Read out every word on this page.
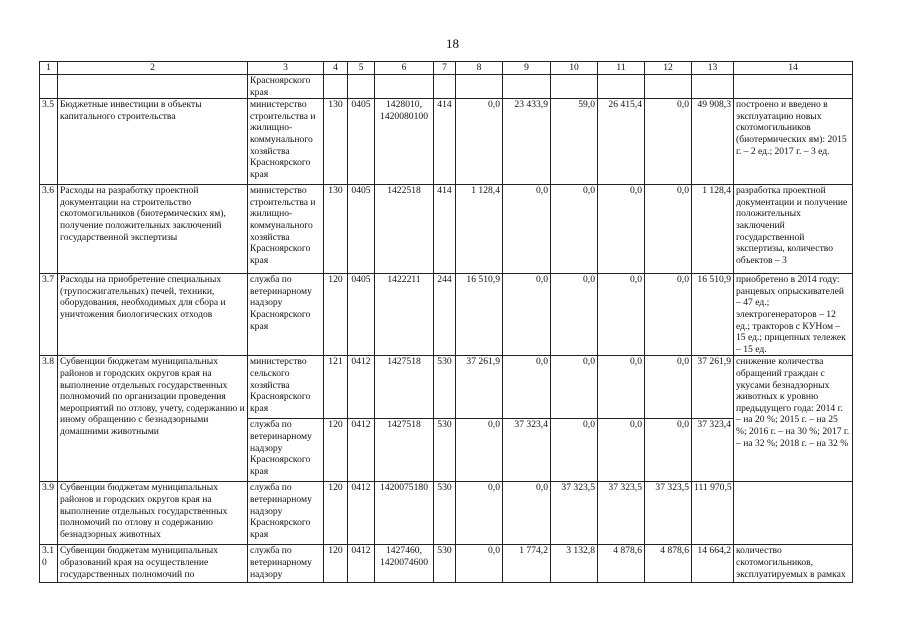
18
1	2	3	4	5	6	7	8	9	10	11	12	13	14
		Красноярского края											
3.5	Бюджетные инвестиции в объекты капитального строительства	министерство строительства и жилищно-коммунального хозяйства Красноярского края	130	0405	1428010, 1420080100	414	0,0	23 433,9	59,0	26 415,4	0,0	49 908,3	построено и введено в эксплуатацию новых скотомогильников (биотермических ям): 2015 г. – 2 ед.; 2017 г. – 3 ед.
3.6	Расходы на разработку проектной документации на строительство скотомогильников (биотермических ям), получение положительных заключений государственной экспертизы	министерство строительства и жилищно-коммунального хозяйства Красноярского края	130	0405	1422518	414	1 128,4	0,0	0,0	0,0	0,0	1 128,4	разработка проектной документации и получение положительных заключений государственной экспертизы, количество объектов – 3
3.7	Расходы на приобретение специальных (трупосжигательных) печей, техники, оборудования, необходимых для сбора и уничтожения биологических отходов	служба по ветеринарному надзору Красноярского края	120	0405	1422211	244	16 510,9	0,0	0,0	0,0	0,0	16 510,9	приобретено в 2014 году: ранцевых опрыскивателей – 47 ед.; электрогенераторов – 12 ед.; тракторов с КУНом – 15 ед.; прицепных тележек – 15 ед.
3.8	Субвенции бюджетам муниципальных районов и городских округов края на выполнение отдельных государственных полномочий по организации проведения мероприятий по отлову, учету, содержанию и иному обращению с безнадзорными домашними животными	министерство сельского хозяйства Красноярского края	121	0412	1427518	530	37 261,9	0,0	0,0	0,0	0,0	37 261,9	снижение количества обращений граждан с укусами безнадзорных животных к уровню предыдущего года: 2014 г. – на 20 %; 2015 г. – на 25 %; 2016 г. – на 30 %; 2017 г. – на 32 %; 2018 г. – на 32 %
		служба по ветеринарному надзору Красноярского края	120	0412	1427518	530	0,0	37 323,4	0,0	0,0	0,0	37 323,4	
3.9	Субвенции бюджетам муниципальных районов и городских округов края на выполнение отдельных государственных полномочий по отлову и содержанию безнадзорных животных	служба по ветеринарному надзору Красноярского края	120	0412	1420075180	530	0,0	0,0	37 323,5	37 323,5	37 323,5	111 970,5	
3.10	Субвенции бюджетам муниципальных образований края на осуществление государственных полномочий по	служба по ветеринарному надзору	120	0412	1427460, 1420074600	530	0,0	1 774,2	3 132,8	4 878,6	4 878,6	14 664,2	количество скотомогильников, эксплуатируемых в рамках
